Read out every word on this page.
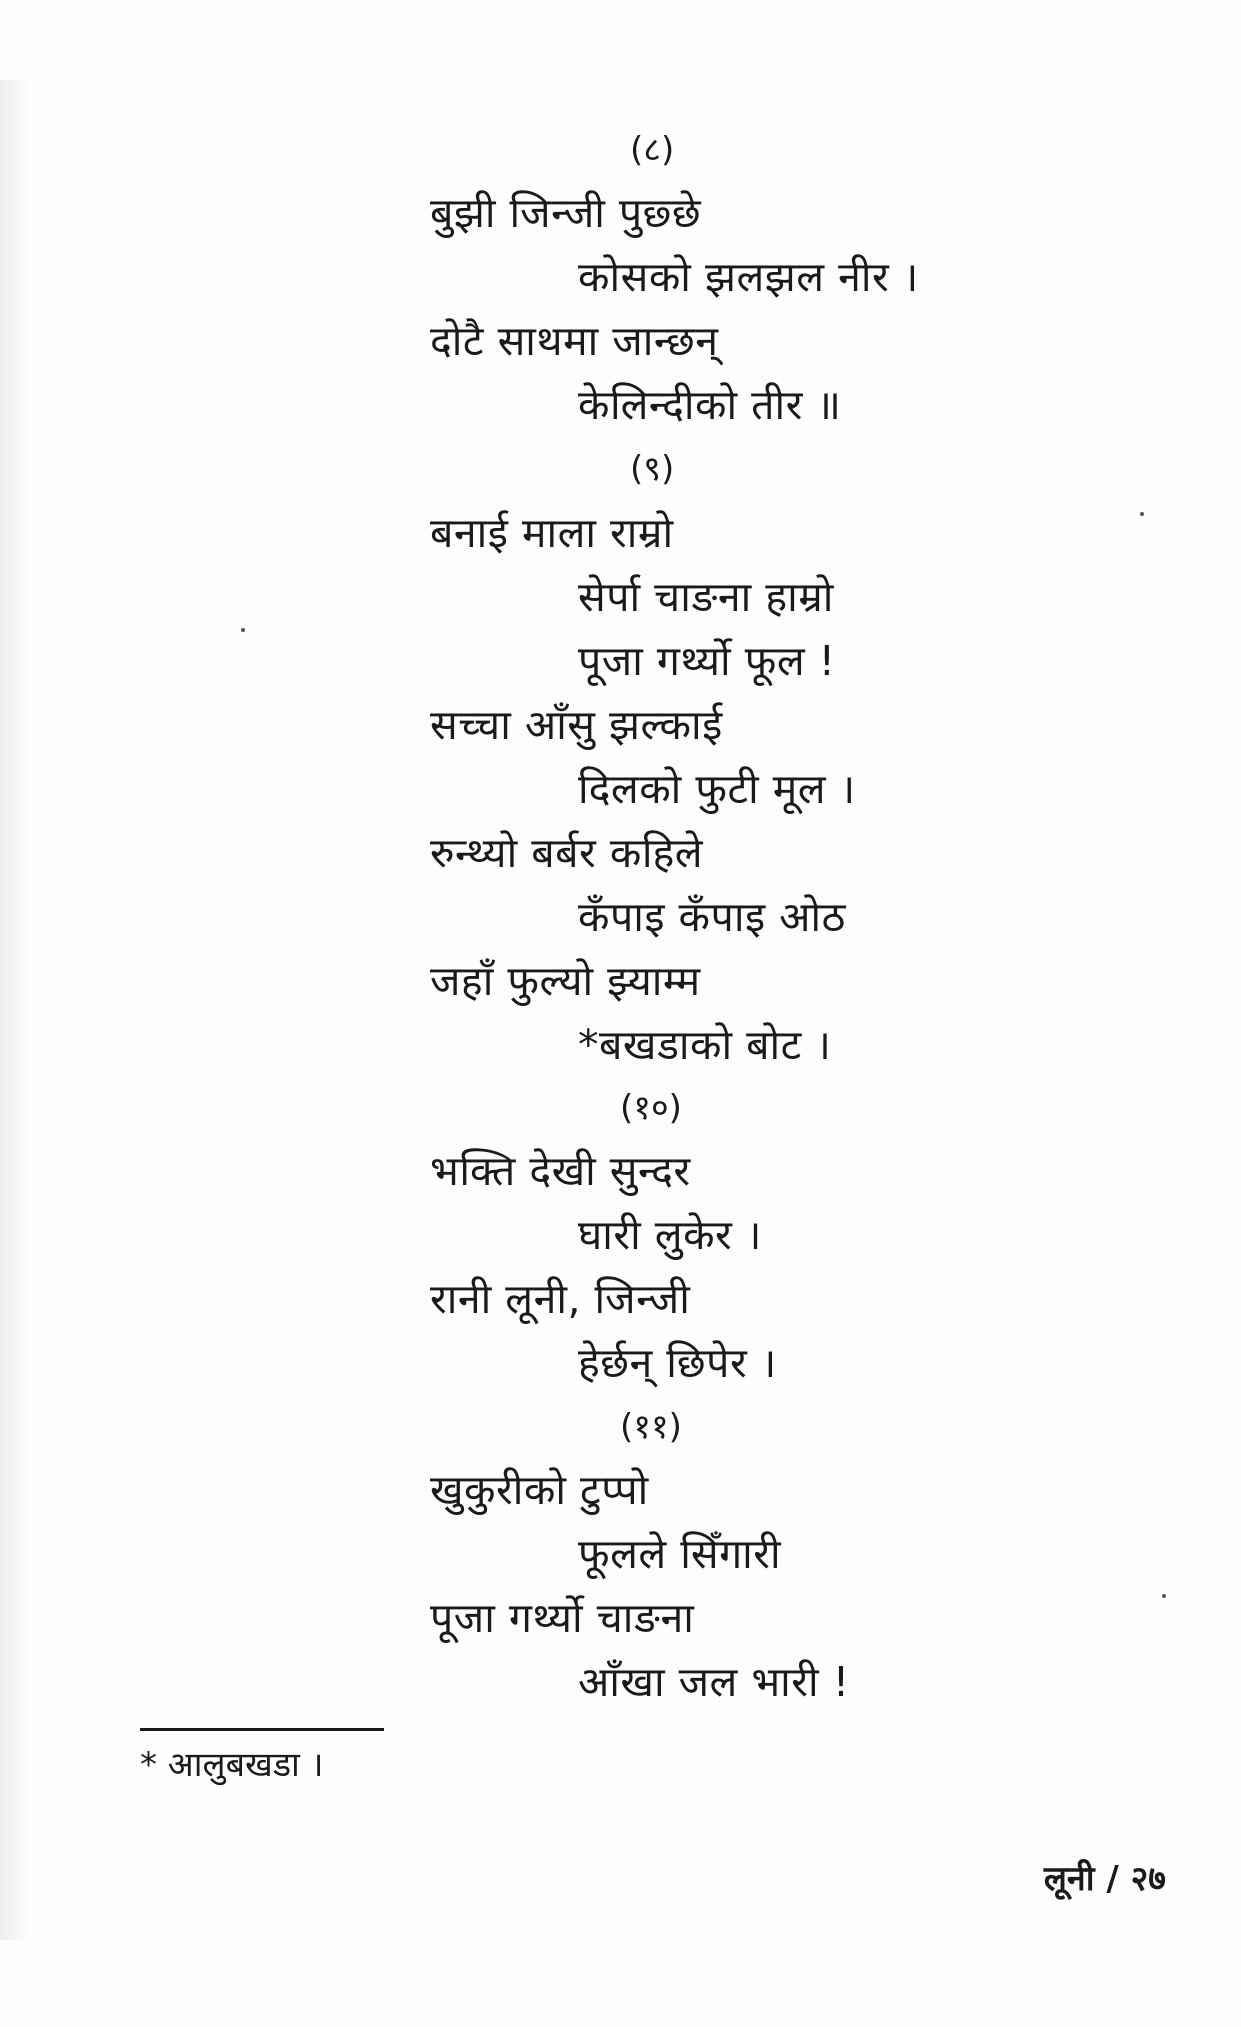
(८)
बुझी जिन्जी पुछ्छे
कोसको झलझल नीर ।
दोटै साथमा जान्छन्
केलिन्दीको तीर ॥
(९)
बनाई माला राम्रो
सेर्पा चाङना हाम्रो
पूजा गर्थ्यो फूल !
सच्चा आँसु झल्काई
दिलको फुटी मूल ।
रुन्थ्यो बर्बर कहिले
कँपाइ कँपाइ ओठ
जहाँ फुल्यो झ्याम्म
*बखडाको बोट ।
(१०)
भक्ति देखी सुन्दर
घारी लुकेर ।
रानी लूनी, जिन्जी
हेर्छन् छिपेर ।
(११)
खुकुरीको टुप्पो
फूलले सिँगारी
पूजा गर्थ्यो चाङना
आँखा जल भारी !
* आलुबखडा ।
लूनी / २७
